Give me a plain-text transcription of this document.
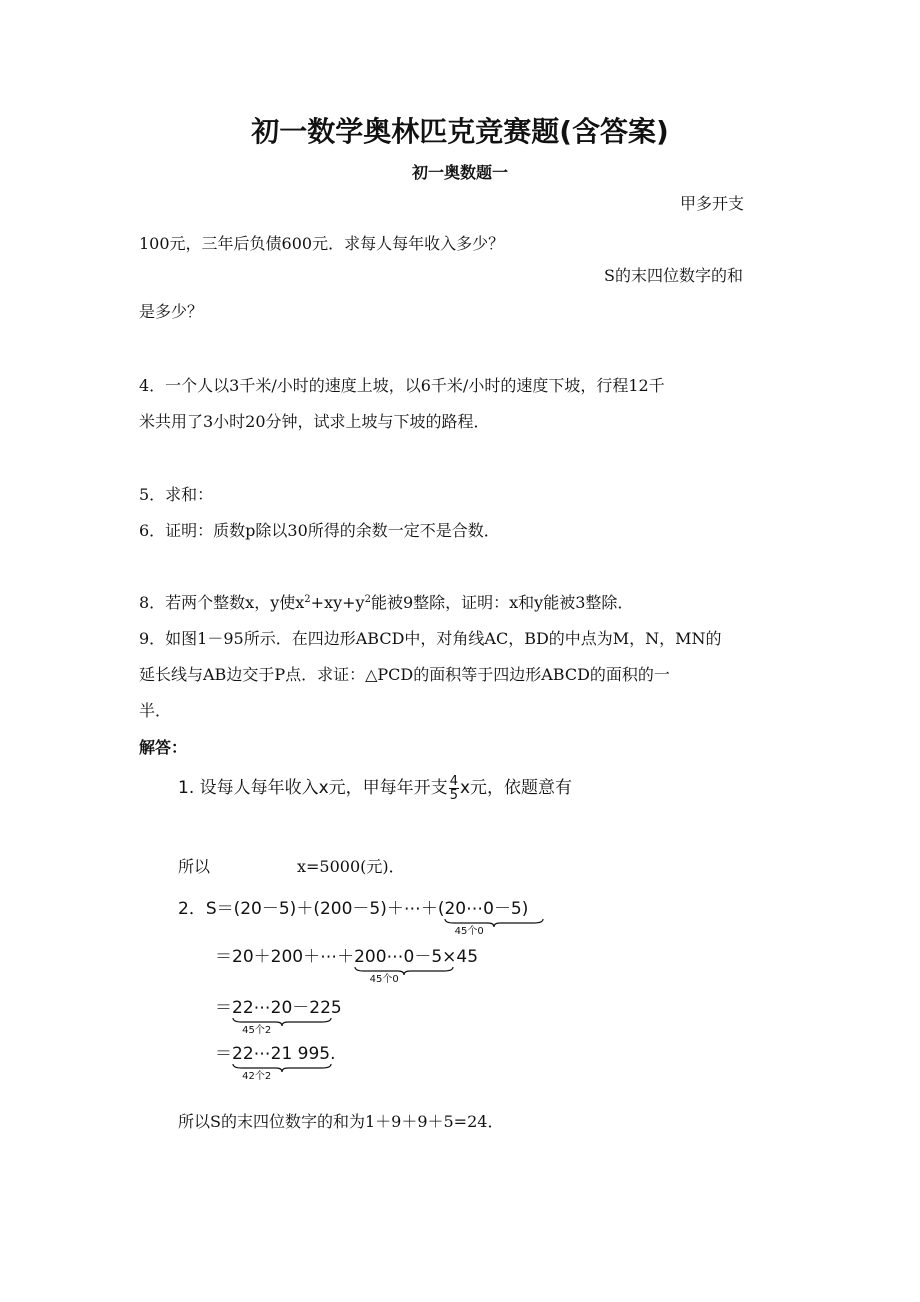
初一数学奥林匹克竞赛题(含答案)
初一奥数题一
甲多开支
100元，三年后负债600元．求每人每年收入多少？
S的末四位数字的和
是多少？
4．一个人以3千米/小时的速度上坡，以6千米/小时的速度下坡，行程12千
米共用了3小时20分钟，试求上坡与下坡的路程．
5．求和：
6．证明：质数p除以30所得的余数一定不是合数．
8．若两个整数x，y使$x^2+xy+y^2$能被9整除，证明：x和y能被3整除．
9．如图1－95所示．在四边形ABCD中，对角线AC，BD的中点为M，N，MN的
延长线与AB边交于P点．求证：△PCD的面积等于四边形ABCD的面积的一
半．
解答：
1. 设每人每年收入x元，甲每年开支 $\frac{4}{5}$ x元，依题意有
所以	x=5000(元)．
2．S＝(20－5)＋(200－5)＋⋯＋(20⋯0
45个0
－5)
＝20＋200＋⋯＋200⋯0
45个0
－5×45
＝22⋯2
45个2
0－225
＝22⋯2
42个2
1 995.
所以S的末四位数字的和为1＋9＋9＋5=24．
